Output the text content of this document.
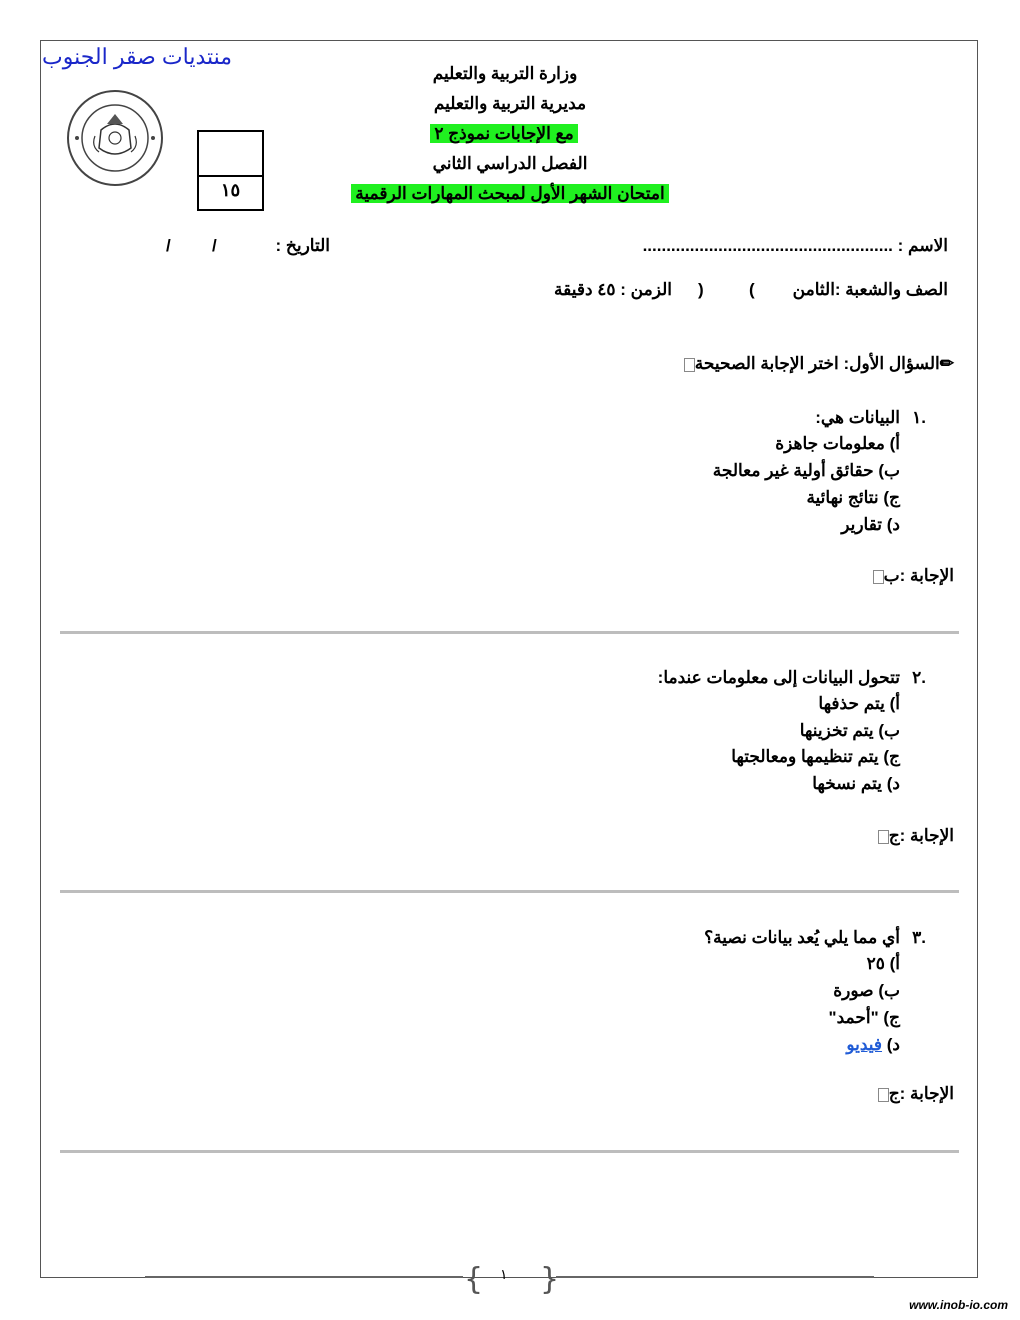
منتديات صقر الجنوب
١٥
وزارة التربية والتعليم
مديرية التربية والتعليم
مع الإجابات نموذج ٢
الفصل الدراسي الثاني
امتحان الشهر الأول لمبحث المهارات الرقمية
الاسم : .....................................................
التاريخ :
/
/
الصف والشعبة :الثامن
(
)
الزمن : ٤٥ دقيقة
✏السؤال الأول: اختر الإجابة الصحيحة
١.
البيانات هي:
أ) معلومات جاهزة
ب) حقائق أولية غير معالجة
ج) نتائج نهائية
د) تقارير
الإجابة :ب
٢.
تتحول البيانات إلى معلومات عندما:
أ) يتم حذفها
ب) يتم تخزينها
ج) يتم تنظيمها ومعالجتها
د) يتم نسخها
الإجابة :ج
٣.
أي مما يلي يُعد بيانات نصية؟
أ) ٢٥
ب) صورة
ج) "أحمد"
د) فيديو
الإجابة :ج
{ }
١
www.inob-io.com
